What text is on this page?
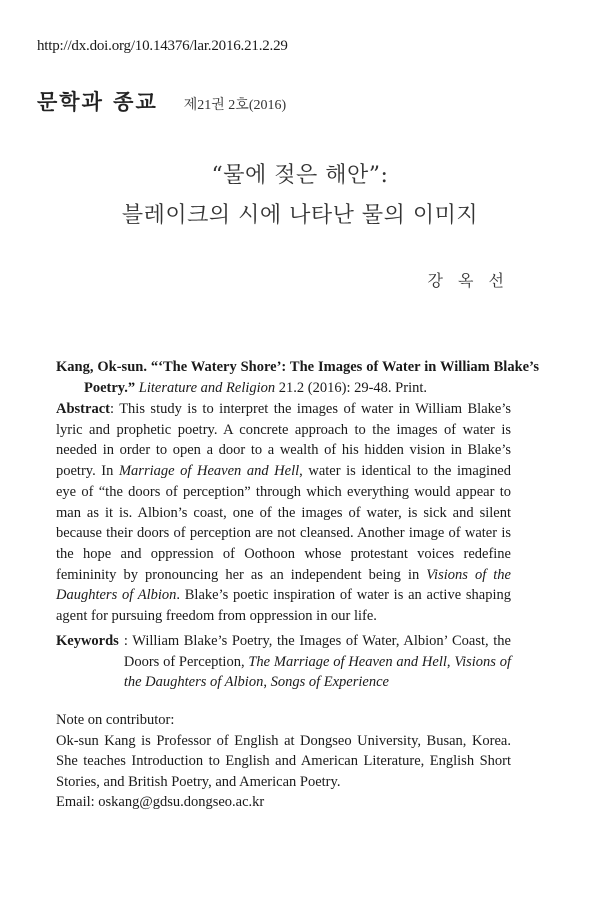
http://dx.doi.org/10.14376/lar.2016.21.2.29
문학과 종교 제21권 2호(2016)
“물에 젖은 해안”:
블레이크의 시에 나타난 물의 이미지
강 옥 선
Kang, Ok-sun. “‘The Watery Shore’: The Images of Water in William Blake’s Poetry.” Literature and Religion 21.2 (2016): 29-48. Print.
Abstract: This study is to interpret the images of water in William Blake’s lyric and prophetic poetry. A concrete approach to the images of water is needed in order to open a door to a wealth of his hidden vision in Blake’s poetry. In Marriage of Heaven and Hell, water is identical to the imagined eye of “the doors of perception” through which everything would appear to man as it is. Albion’s coast, one of the images of water, is sick and silent because their doors of perception are not cleansed. Another image of water is the hope and oppression of Oothoon whose protestant voices redefine femininity by pronouncing her as an independent being in Visions of the Daughters of Albion. Blake’s poetic inspiration of water is an active shaping agent for pursuing freedom from oppression in our life.
Keywords : William Blake’s Poetry, the Images of Water, Albion’ Coast, the Doors of Perception, The Marriage of Heaven and Hell, Visions of the Daughters of Albion, Songs of Experience

Note on contributor:

Ok-sun Kang is Professor of English at Dongseo University, Busan, Korea. She teaches Introduction to English and American Literature, English Short Stories, and British Poetry, and American Poetry.

Email: oskang@gdsu.dongseo.ac.kr
